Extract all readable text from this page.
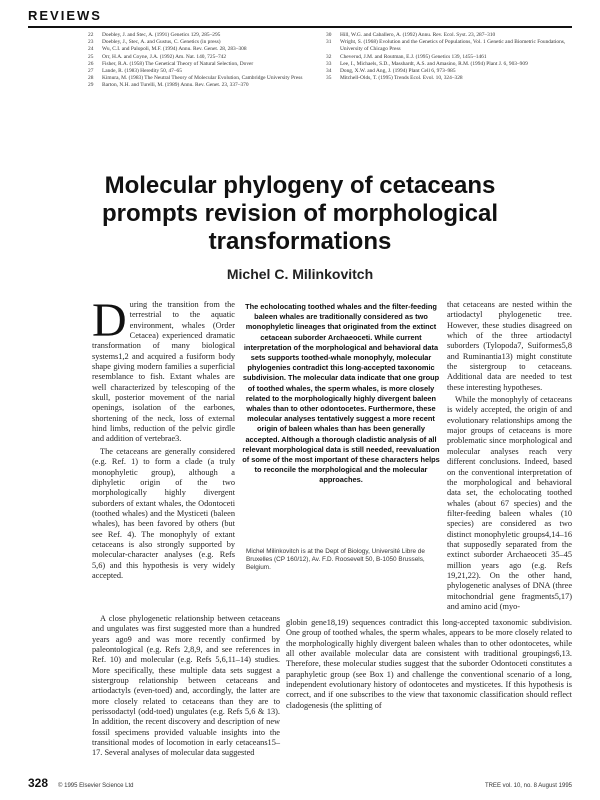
REVIEWS
22	Doebley, J. and Stec, A. (1991) Genetics 129, 285–295
23	Doebley, J., Stec, A. and Gustus, C. Genetics (in press)
24	Wu, C.I. and Palopoli, M.F. (1994) Annu. Rev. Genet. 28, 283–308
25	Orr, H.A. and Coyne, J.A. (1992) Am. Nat. 140, 725–742
26	Fisher, R.A. (1958) The Genetical Theory of Natural Selection, Dover
27	Lande, R. (1983) Heredity 50, 47–65
28	Kimura, M. (1983) The Neutral Theory of Molecular Evolution, Cambridge University Press
29	Barton, N.H. and Turelli, M. (1989) Annu. Rev. Genet. 23, 337–370
30	Hill, W.G. and Caballero, A. (1992) Annu. Rev. Ecol. Syst. 23, 287–310
31	Wright, S. (1968) Evolution and the Genetics of Populations, Vol. 1 Genetic and Biometric Foundations, University of Chicago Press
32	Cheverud, J.M. and Routman, E.J. (1995) Genetics 139, 1455–1461
33	Lee, I., Michaels, S.D., Masshardt, A.S. and Amasino, R.M. (1994) Plant J. 6, 903–909
34	Dong, X.W. and Ang, J. (1994) Plant Cell 6, 973–985
35	Mitchell-Olds, T. (1995) Trends Ecol. Evol. 10, 324–328
Molecular phylogeny of cetaceans prompts revision of morphological transformations
Michel C. Milinkovitch

During the transition from the terrestrial to the aquatic environment, whales (Order Cetacea) experienced dramatic transformation of many biological systems1,2 and acquired a fusiform body shape giving modern families a superficial resemblance to fish. Extant whales are well characterized by telescoping of the skull, posterior movement of the narial openings, isolation of the earbones, shortening of the neck, loss of external hind limbs, reduction of the pelvic girdle and addition of vertebrae3.

The cetaceans are generally considered (e.g. Ref. 1) to form a clade (a truly monophyletic group), although a diphyletic origin of the two morphologically highly divergent suborders of extant whales, the Odontoceti (toothed whales) and the Mysticeti (baleen whales), has been favored by others (but see Ref. 4). The monophyly of extant cetaceans is also strongly supported by molecular-character analyses (e.g. Refs 5,6) and this hypothesis is very widely accepted.

The echolocating toothed whales and the filter-feeding baleen whales are traditionally considered as two monophyletic lineages that originated from the extinct cetacean suborder Archaeoceti. While current interpretation of the morphological and behavioral data sets supports toothed-whale monophyly, molecular phylogenies contradict this long-accepted taxonomic subdivision. The molecular data indicate that one group of toothed whales, the sperm whales, is more closely related to the morphologically highly divergent baleen whales than to other odontocetes. Furthermore, these molecular analyses tentatively suggest a more recent origin of baleen whales than has been generally accepted. Although a thorough cladistic analysis of all relevant morphological data is still needed, reevaluation of some of the most important of these characters helps to reconcile the morphological and the molecular approaches.
Michel Milinkovitch is at the Dept of Biology, Université Libre de Bruxelles (CP 160/12), Av. F.D. Roosevelt 50, B-1050 Brussels, Belgium.

that cetaceans are nested within the artiodactyl phylogenetic tree. However, these studies disagreed on which of the three artiodactyl suborders (Tylopoda7, Suiformes5,8 and Ruminantia13) might constitute the sistergroup to cetaceans. Additional data are needed to test these interesting hypotheses.

While the monophyly of cetaceans is widely accepted, the origin of and evolutionary relationships among the major groups of cetaceans is more problematic since morphological and molecular analyses reach very different conclusions. Indeed, based on the conventional interpretation of the morphological and behavioral data set, the echolocating toothed whales (about 67 species) and the filter-feeding baleen whales (10 species) are considered as two distinct monophyletic groups4,14–16 that supposedly separated from the extinct suborder Archaeoceti 35–45 million years ago (e.g. Refs 19,21,22). On the other hand, phylogenetic analyses of DNA (three mitochondrial gene fragments5,17) and amino acid (myo-

A close phylogenetic relationship between cetaceans and ungulates was first suggested more than a hundred years ago9 and was more recently confirmed by paleontological (e.g. Refs 2,8,9, and see references in Ref. 10) and molecular (e.g. Refs 5,6,11–14) studies. More specifically, these multiple data sets suggest a sistergroup relationship between cetaceans and artiodactyls (even-toed) and, accordingly, the latter are more closely related to cetaceans than they are to perissodactyl (odd-toed) ungulates (e.g. Refs 5,6 & 13). In addition, the recent discovery and description of new fossil specimens provided valuable insights into the transitional modes of locomotion in early cetaceans15–17. Several analyses of molecular data suggested

globin gene18,19) sequences contradict this long-accepted taxonomic subdivision. One group of toothed whales, the sperm whales, appears to be more closely related to the morphologically highly divergent baleen whales than to other odontocetes, while all other available molecular data are consistent with traditional groupings6,13. Therefore, these molecular studies suggest that the suborder Odontoceti constitutes a paraphyletic group (see Box 1) and challenge the conventional scenario of a long, independent evolutionary history of odontocetes and mysticetes. If this hypothesis is correct, and if one subscribes to the view that taxonomic classification should reflect cladogenesis (the splitting of

328 © 1995 Elsevier Science Ltd	TREE vol. 10, no. 8 August 1995
